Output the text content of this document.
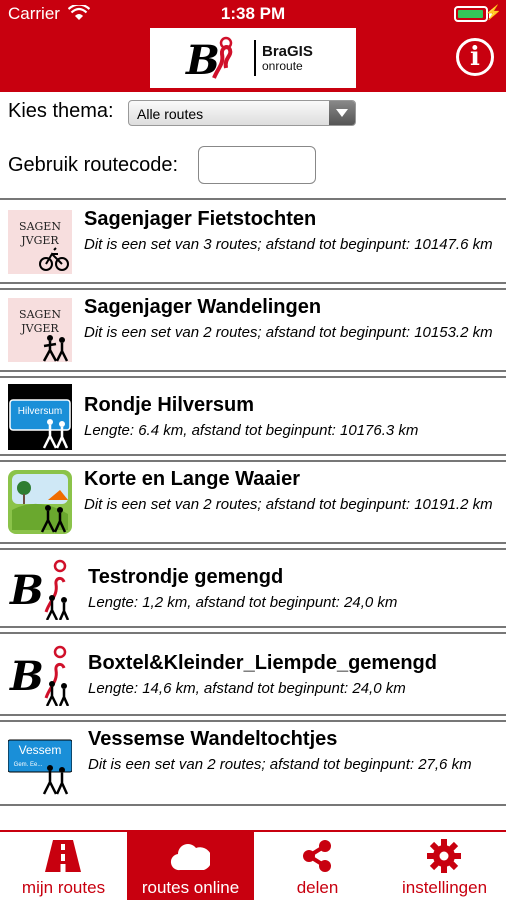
Carrier	1:38 PM	⚡
B	BraGIS
onroute	i
Kies thema:	Alle routes
Gebruik routecode:
SAGEN
JVGER
Sagenjager Fietstochten
Dit is een set van 3 routes; afstand tot beginpunt: 10147.6 km
SAGEN
JVGER
Sagenjager Wandelingen
Dit is een set van 2 routes; afstand tot beginpunt: 10153.2 km
Hilversum Rondje Hilversum
Lengte: 6.4 km, afstand tot beginpunt: 10176.3 km
Korte en Lange Waaier
Dit is een set van 2 routes; afstand tot beginpunt: 10191.2 km
B Testrondje gemengd
Lengte: 1,2 km, afstand tot beginpunt: 24,0 km
B Boxtel&Kleinder_Liempde_gemengd
Lengte: 14,6 km, afstand tot beginpunt: 24,0 km
Vessem
Gem. Ee...
Vessemse Wandeltochtjes
Dit is een set van 2 routes; afstand tot beginpunt: 27,6 km
mijn routes	routes online	delen	instellingen
